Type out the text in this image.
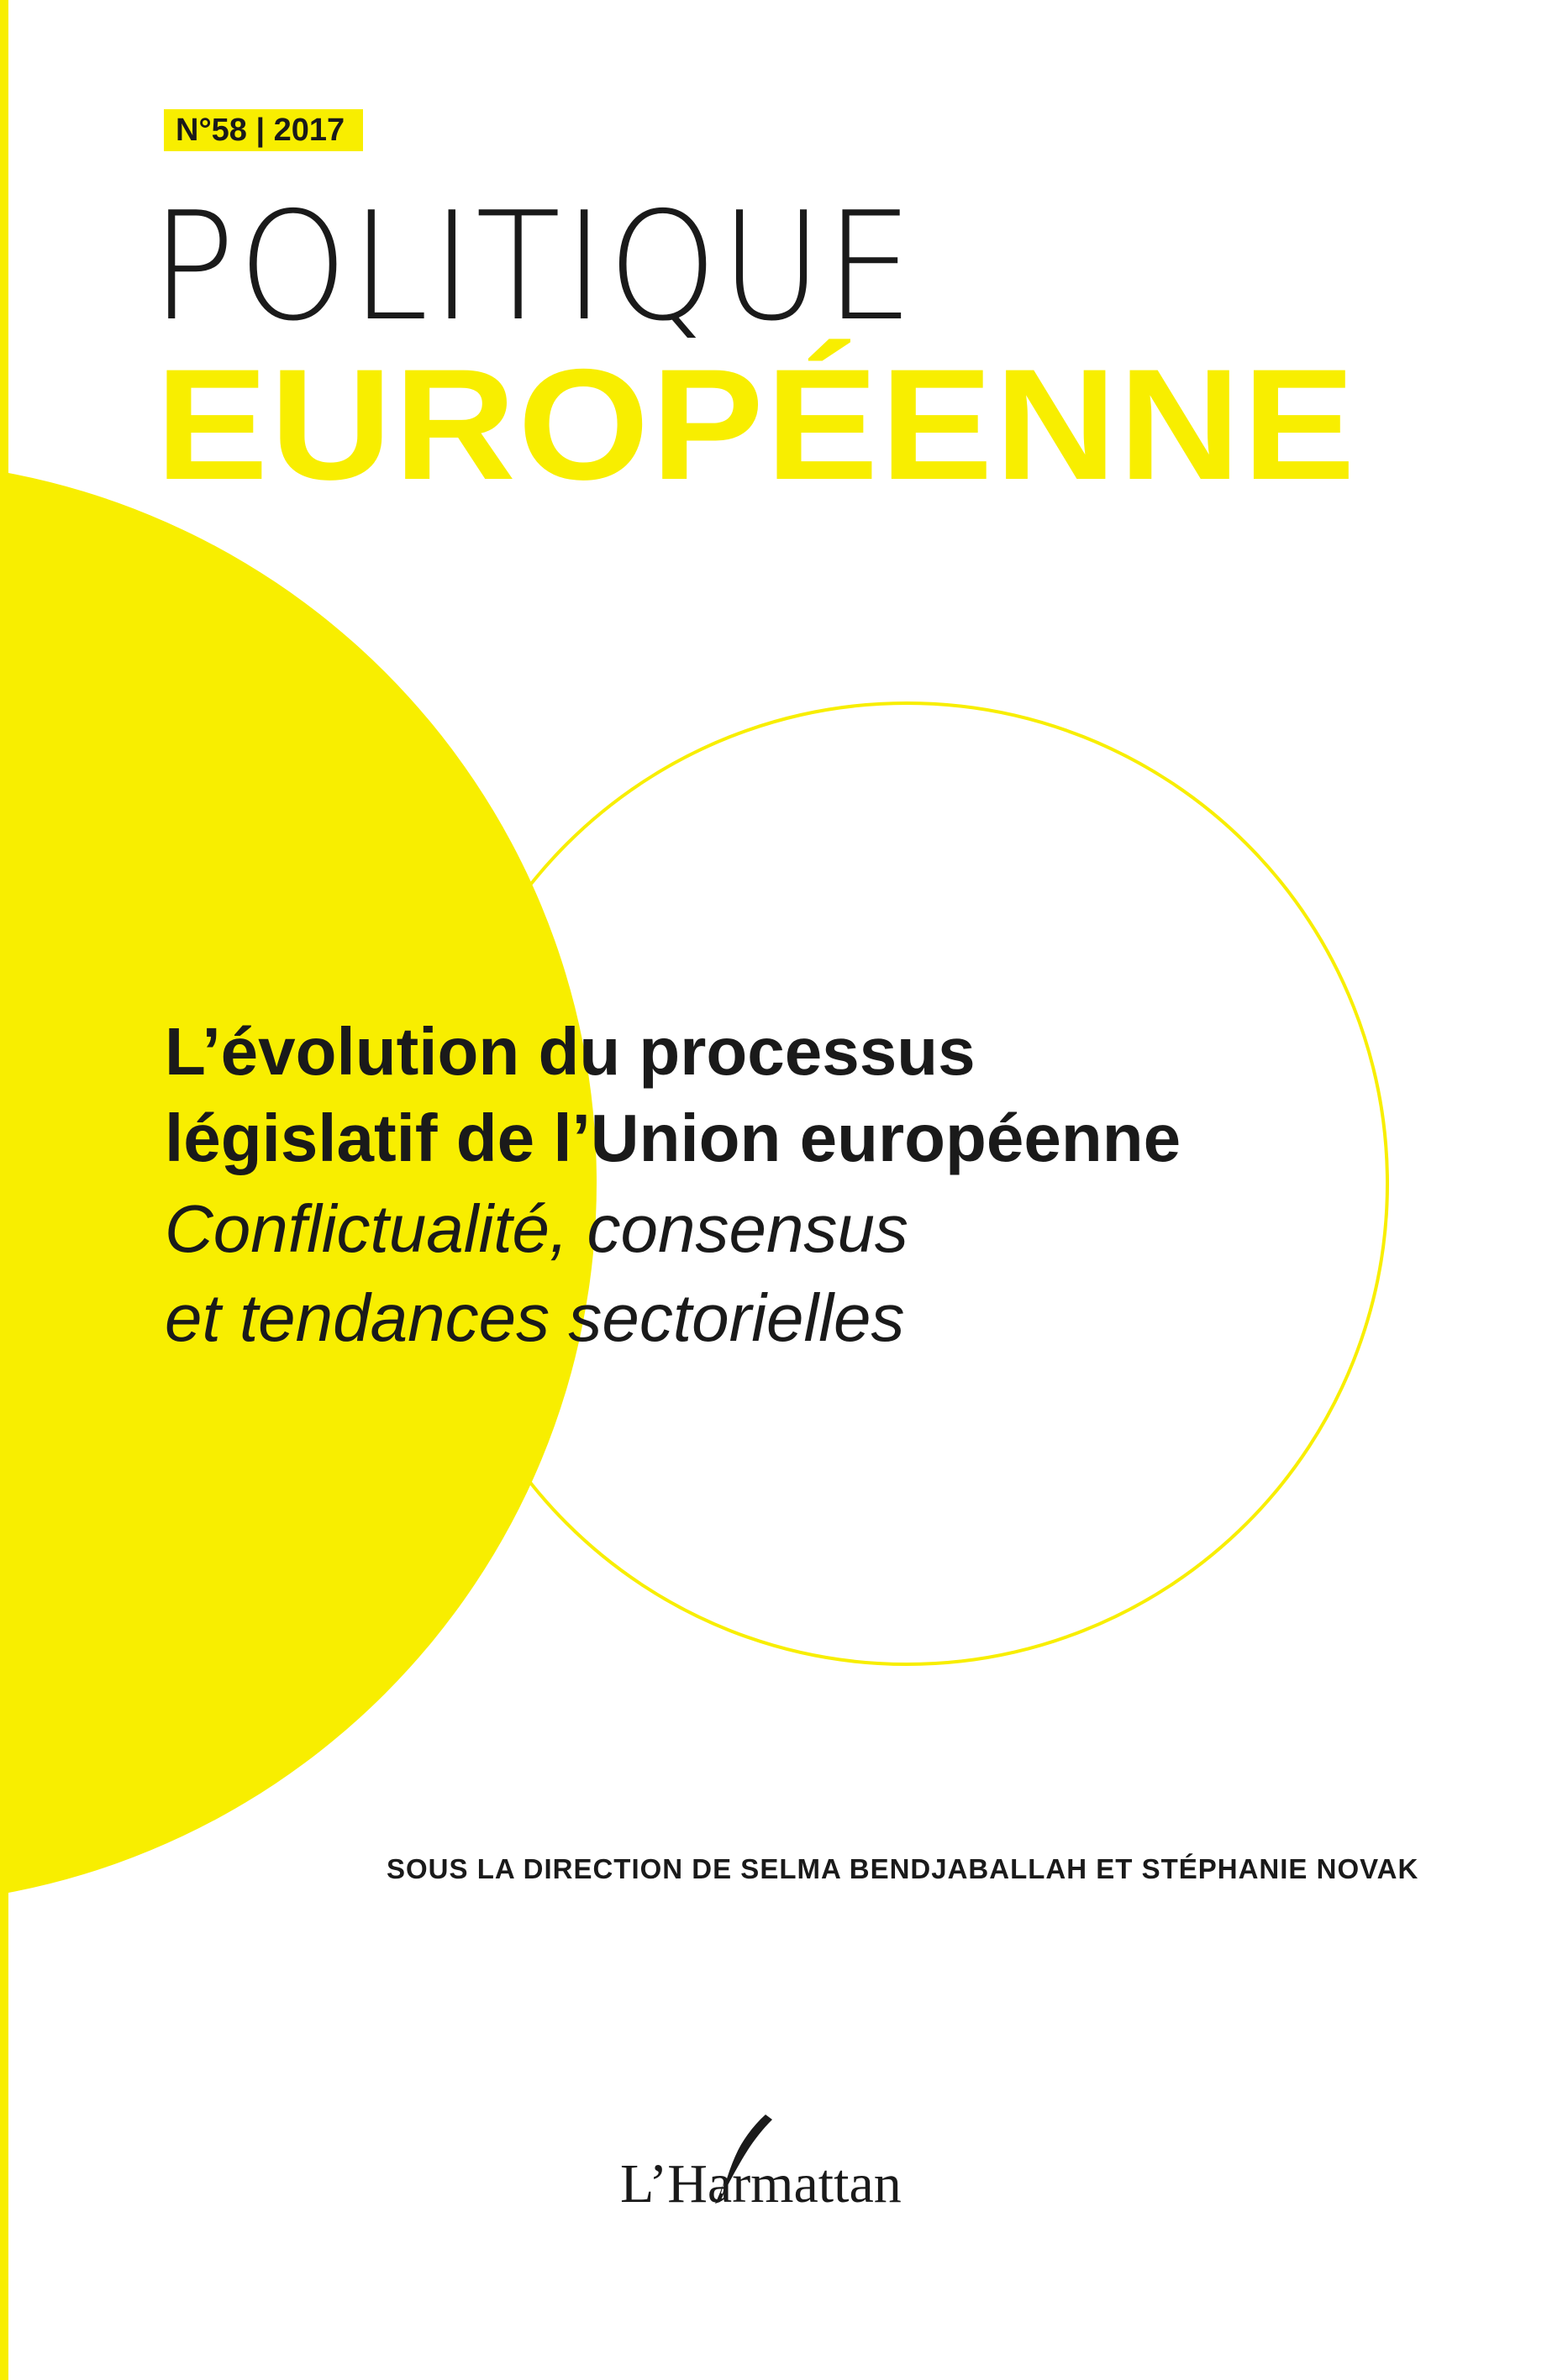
N°58 | 2017
POLITIQUE
EUROPÉENNE
L’évolution du processus
législatif de l’Union européenne
Conflictualité, consensus
et tendances sectorielles
SOUS LA DIRECTION DE SELMA BENDJABALLAH ET STÉPHANIE NOVAK
L’Harmattan
